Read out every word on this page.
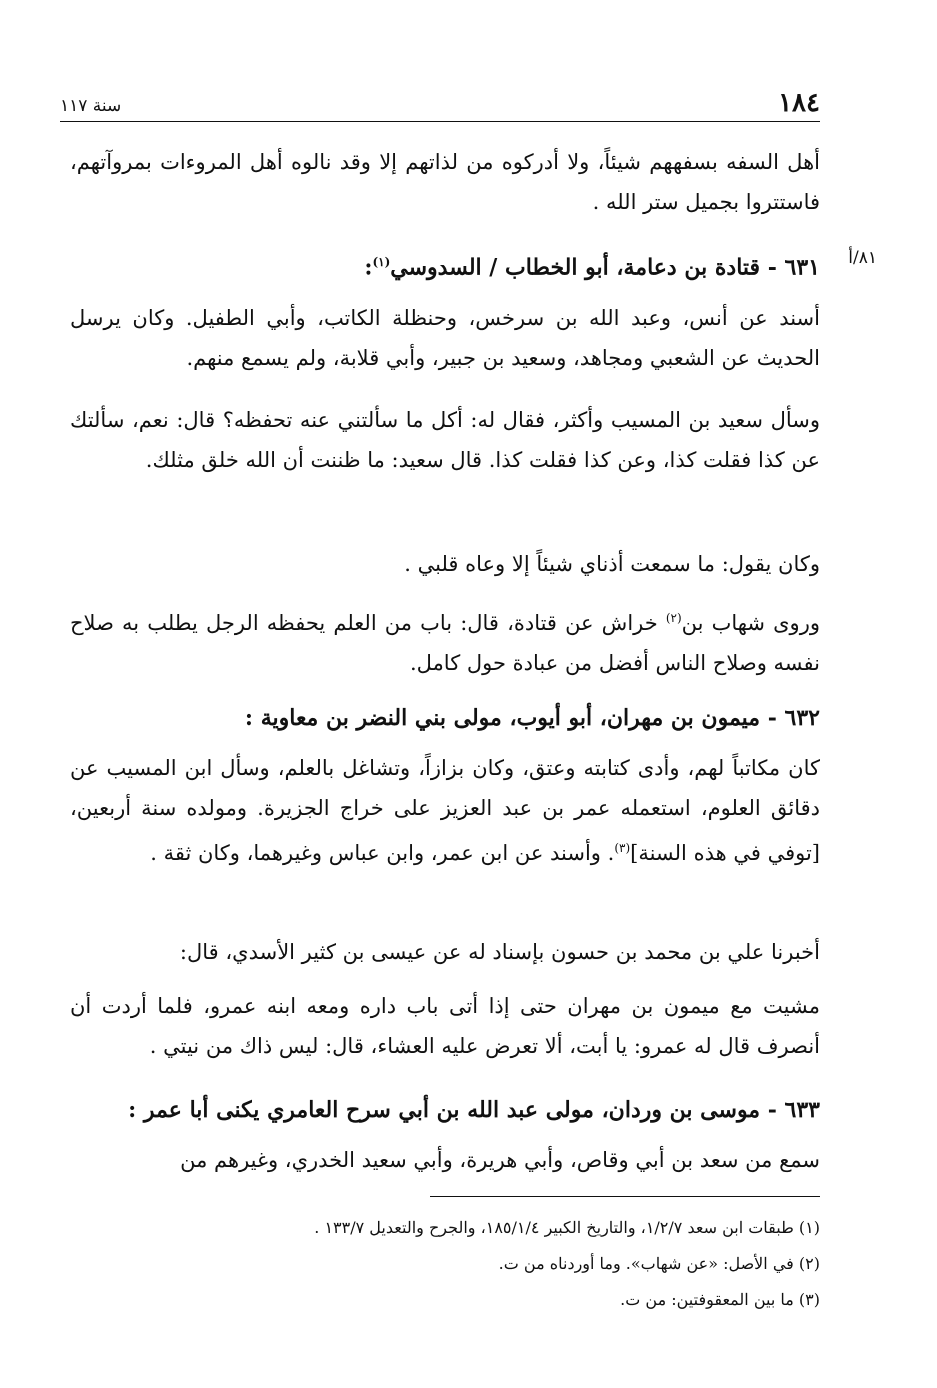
١٨٤
سنة ١١٧
أهل السفه بسفههم شيئاً، ولا أدركوه من لذاتهم إلا وقد نالوه أهل المروءات بمروآتهم، فاستتروا بجميل ستر الله .
٨١/أ
٦٣١ - قتادة بن دعامة، أبو الخطاب / السدوسي$^{(١)}$:
أسند عن أنس، وعبد الله بن سرخس، وحنظلة الكاتب، وأبي الطفيل. وكان يرسل الحديث عن الشعبي ومجاهد، وسعيد بن جبير، وأبي قلابة، ولم يسمع منهم.
وسأل سعيد بن المسيب وأكثر، فقال له: أكل ما سألتني عنه تحفظه؟ قال: نعم، سألتك عن كذا فقلت كذا، وعن كذا فقلت كذا. قال سعيد: ما ظننت أن الله خلق مثلك.
وكان يقول: ما سمعت أذناي شيئاً إلا وعاه قلبي .
وروى شهاب بن$^{(٢)}$ خراش عن قتادة، قال: باب من العلم يحفظه الرجل يطلب به صلاح نفسه وصلاح الناس أفضل من عبادة حول كامل.
٦٣٢ - ميمون بن مهران، أبو أيوب، مولى بني النضر بن معاوية :
كان مكاتباً لهم، وأدى كتابته وعتق، وكان بزازاً، وتشاغل بالعلم، وسأل ابن المسيب عن دقائق العلوم، استعمله عمر بن عبد العزيز على خراج الجزيرة. ومولده سنة أربعين، [توفي في هذه السنة]$^{(٣)}$. وأسند عن ابن عمر، وابن عباس وغيرهما، وكان ثقة .
أخبرنا علي بن محمد بن حسون بإسناد له عن عيسى بن كثير الأسدي، قال:
مشيت مع ميمون بن مهران حتى إذا أتى باب داره ومعه ابنه عمرو، فلما أردت أن أنصرف قال له عمرو: يا أبت، ألا تعرض عليه العشاء، قال: ليس ذاك من نيتي .
٦٣٣ - موسى بن وردان، مولى عبد الله بن أبي سرح العامري يكنى أبا عمر :
سمع من سعد بن أبي وقاص، وأبي هريرة، وأبي سعيد الخدري، وغيرهم من
(١) طبقات ابن سعد ١/٢/٧، والتاريخ الكبير ١٨٥/١/٤، والجرح والتعديل ١٣٣/٧ .
(٢) في الأصل: «عن شهاب». وما أوردناه من ت.
(٣) ما بين المعقوفتين: من ت.
